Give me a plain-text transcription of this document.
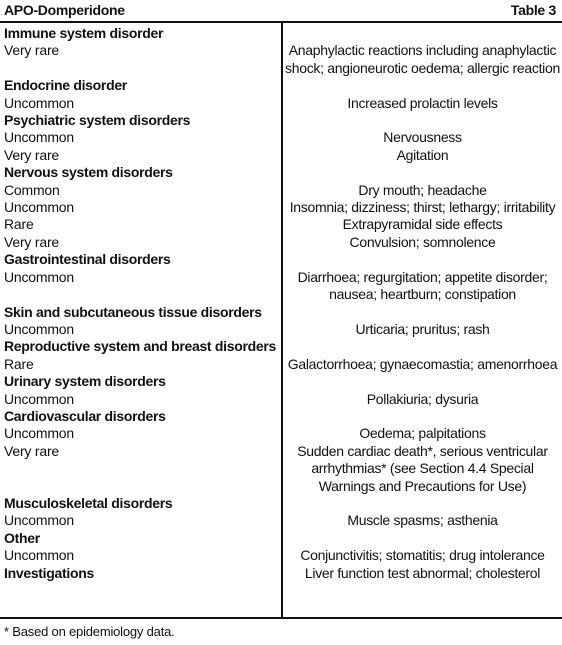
APO-Domperidone	Table 3
Immune system disorder
Very rare	Anaphylactic reactions including anaphylactic shock; angioneurotic oedema; allergic reaction
Endocrine disorder
Uncommon	Increased prolactin levels
Psychiatric system disorders
Uncommon	Nervousness
Very rare	Agitation
Nervous system disorders
Common	Dry mouth; headache
Uncommon	Insomnia; dizziness; thirst; lethargy; irritability
Rare	Extrapyramidal side effects
Very rare	Convulsion; somnolence
Gastrointestinal disorders
Uncommon	Diarrhoea; regurgitation; appetite disorder; nausea; heartburn; constipation
Skin and subcutaneous tissue disorders
Uncommon	Urticaria; pruritus; rash
Reproductive system and breast disorders
Rare	Galactorrhoea; gynaecomastia; amenorrhoea
Urinary system disorders
Uncommon	Pollakiuria; dysuria
Cardiovascular disorders
Uncommon	Oedema; palpitations
Very rare	Sudden cardiac death*, serious ventricular arrhythmias* (see Section 4.4 Special Warnings and Precautions for Use)
Musculoskeletal disorders
Uncommon	Muscle spasms; asthenia
Other
Uncommon	Conjunctivitis; stomatitis; drug intolerance
Investigations	Liver function test abnormal; cholesterol
* Based on epidemiology data.
